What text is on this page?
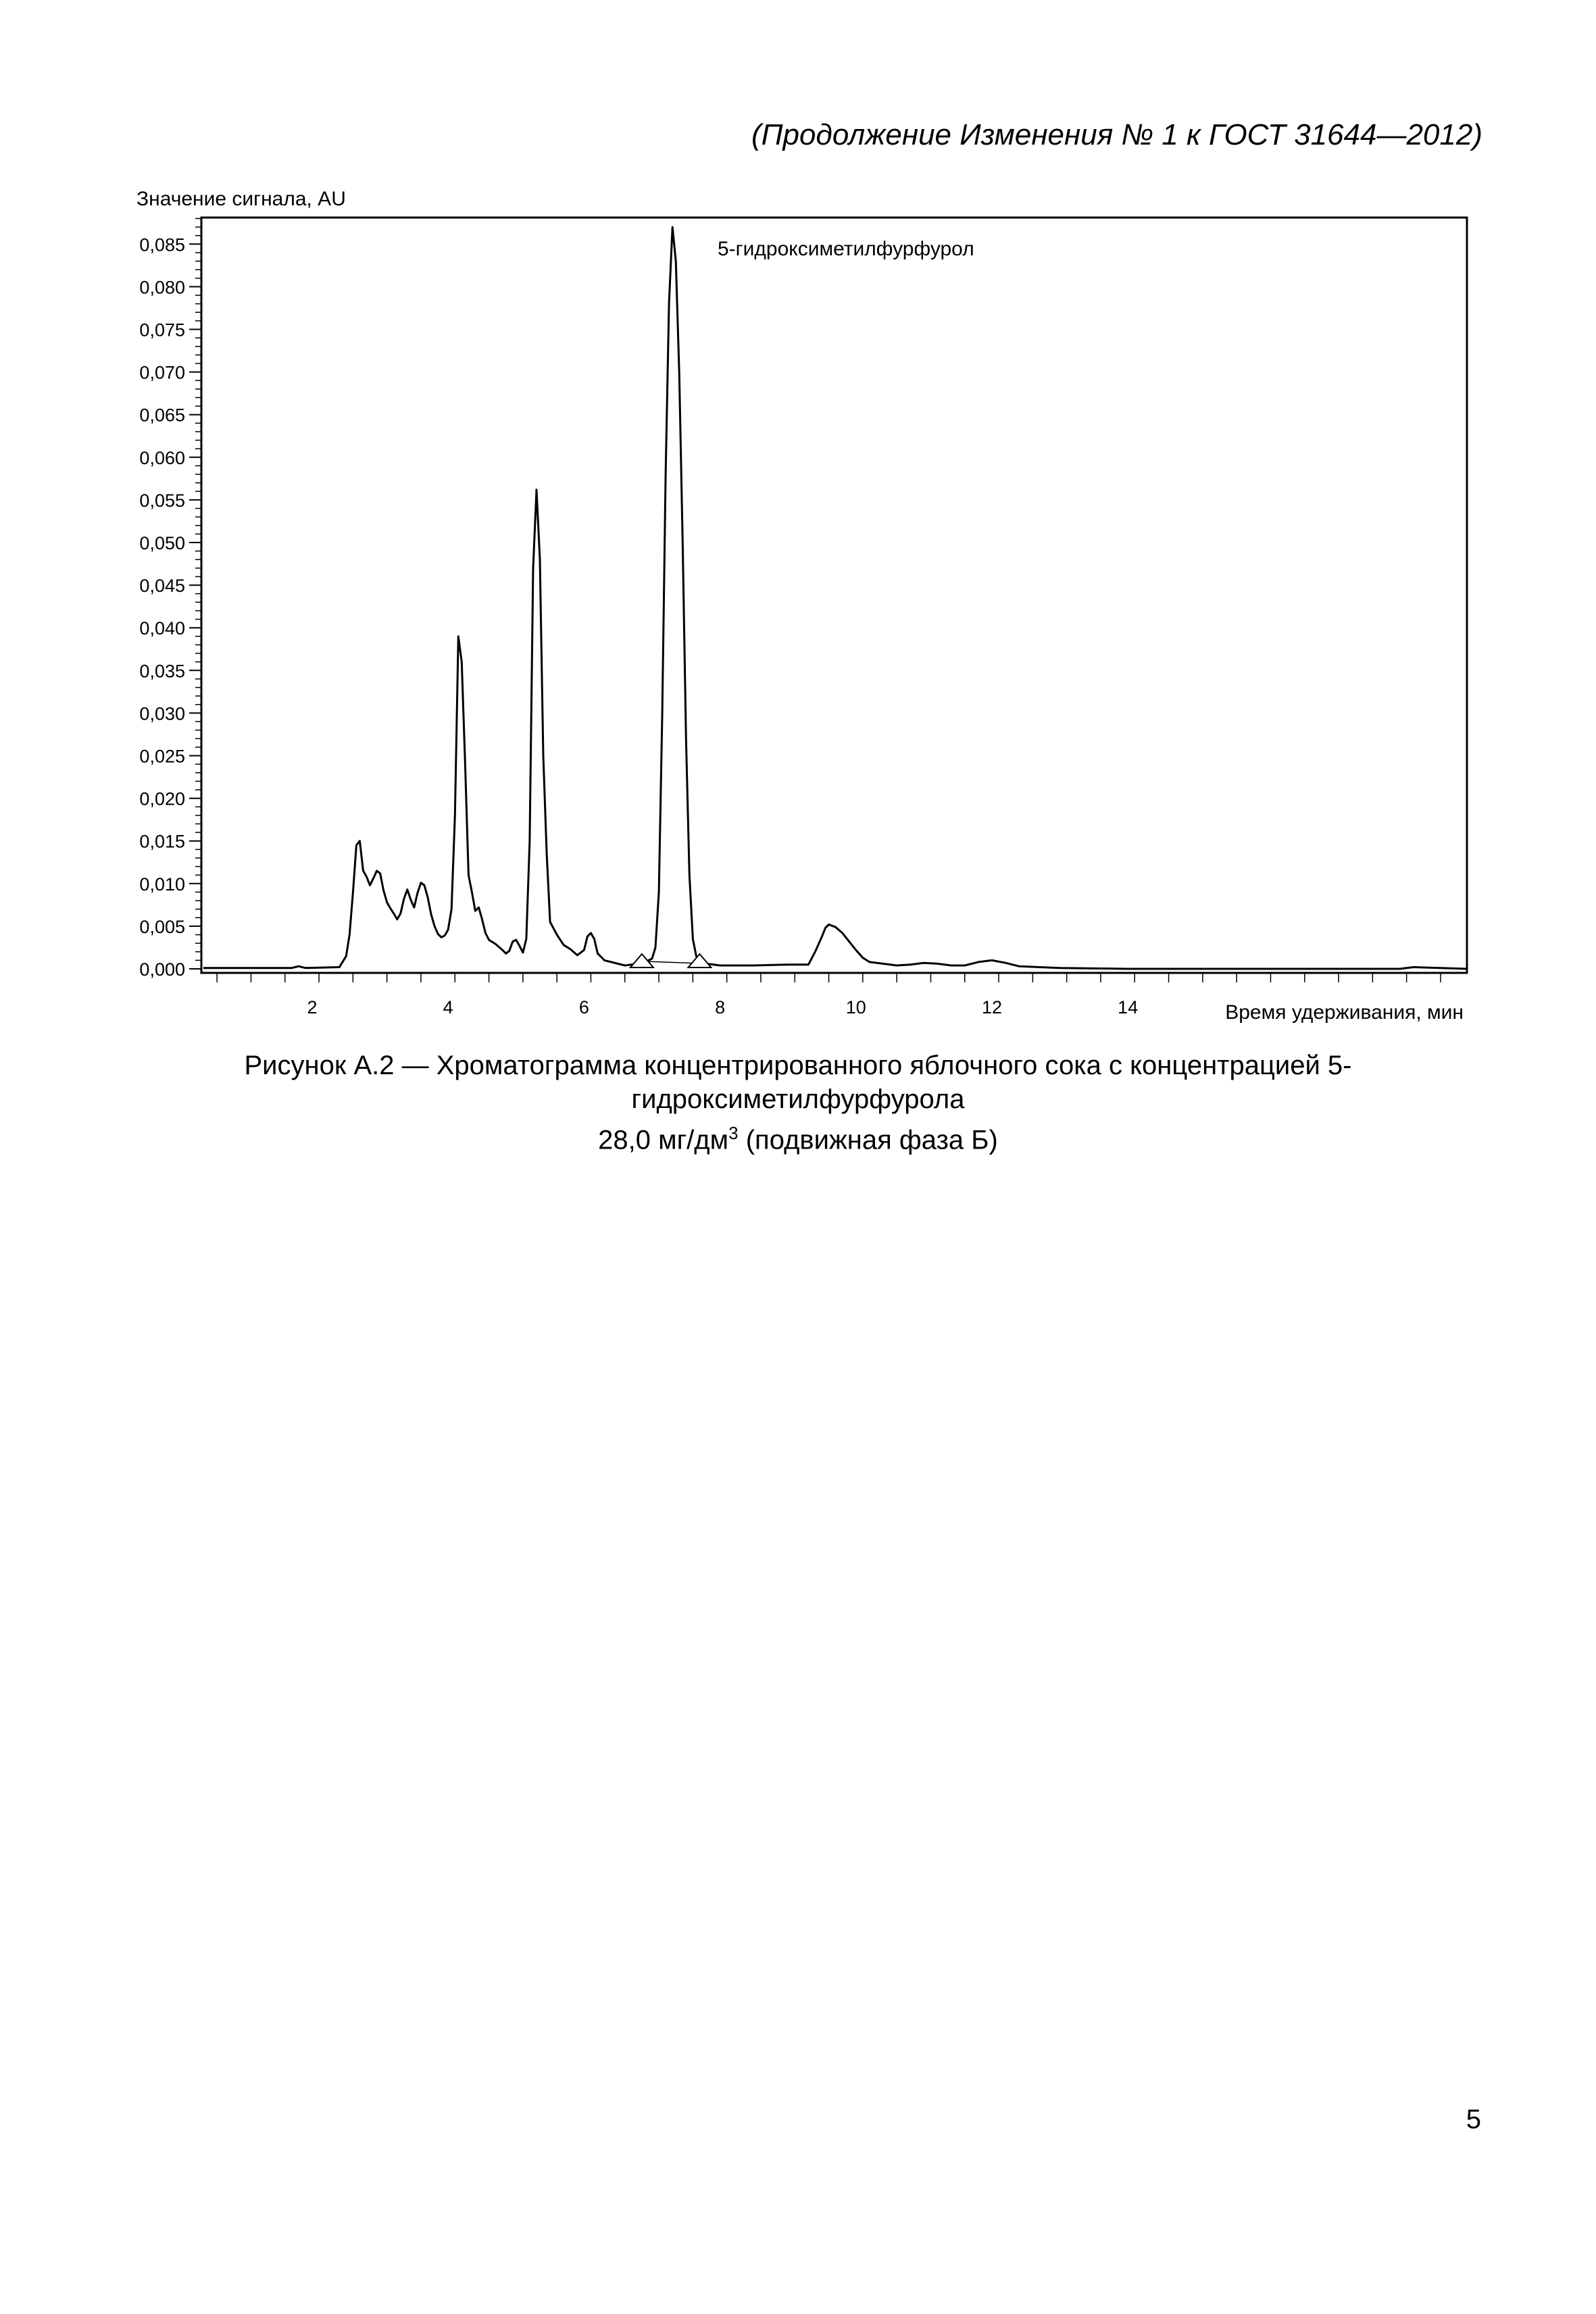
(Продолжение Изменения № 1 к ГОСТ 31644—2012)
Значение сигнала, AU
0,000
0,005
0,010
0,015
0,020
0,025
0,030
0,035
0,040
0,045
0,050
0,055
0,060
0,065
0,070
0,075
0,080
0,085
2	4	6	8	10	12	14
5-гидроксиметилфурфурол
Время удерживания, мин
Рисунок А.2 — Хроматограмма концентрированного яблочного сока с концентрацией 5-гидроксиметилфурфурола
28,0 $мг/дм^3$ (подвижная фаза Б)
5
